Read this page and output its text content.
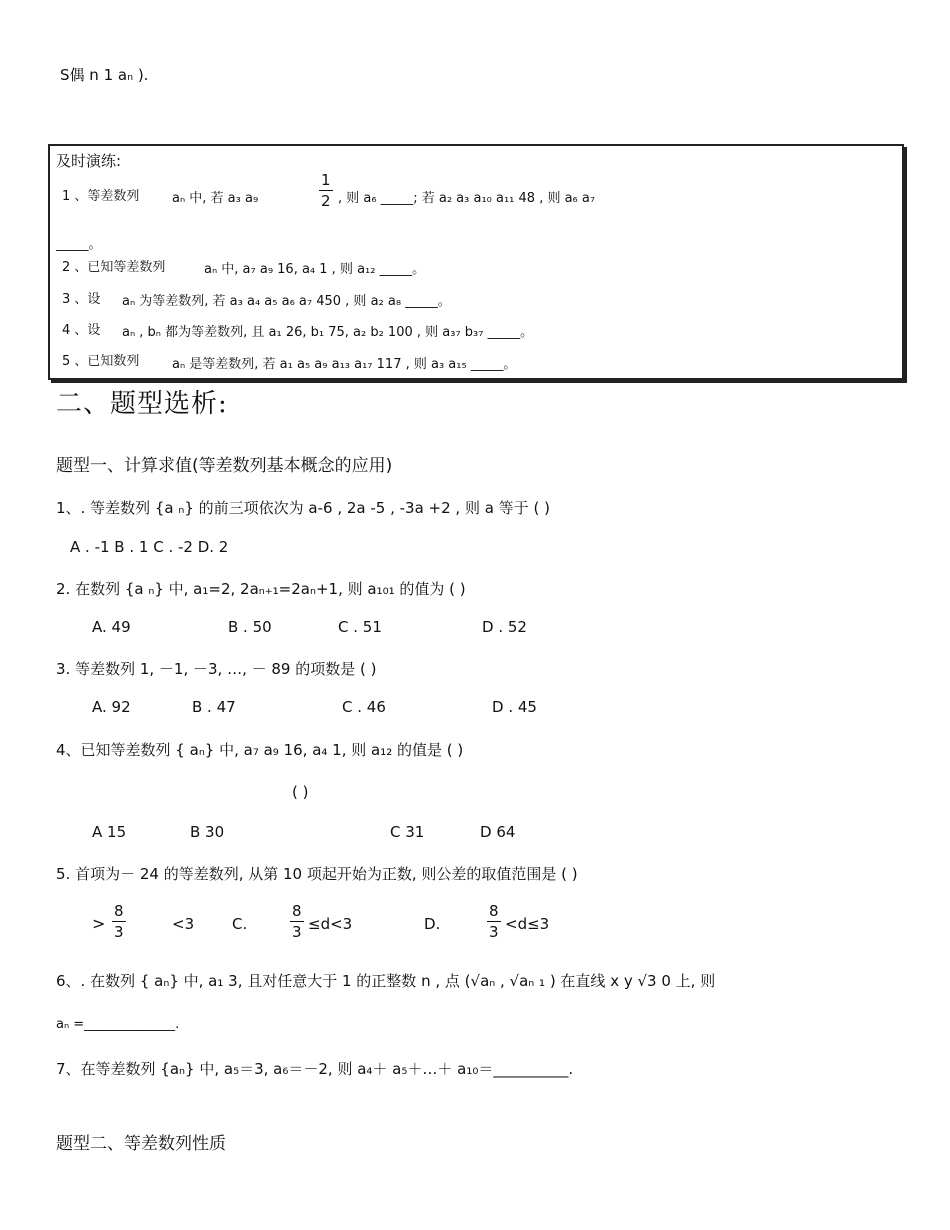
S偶 n 1 aₙ ).
及时演练:
1 、等差数列	aₙ 中, 若 a₃ a₉
1
2 , 则 a₆ _____; 若 a₂ a₃ a₁₀ a₁₁ 48 , 则 a₆ a₇
_____。
2 、已知等差数列	aₙ 中, a₇ a₉ 16, a₄ 1 , 则 a₁₂ _____。
3 、设 aₙ 为等差数列, 若 a₃ a₄ a₅ a₆ a₇ 450 , 则 a₂ a₈ _____。
4 、设 aₙ , bₙ 都为等差数列, 且 a₁ 26, b₁ 75, a₂ b₂ 100 , 则 a₃₇ b₃₇ _____。
5 、已知数列	aₙ 是等差数列, 若 a₁ a₅ a₉ a₁₃ a₁₇ 117 , 则 a₃ a₁₅ _____。
二、题型选析:
题型一、计算求值(等差数列基本概念的应用)
1、. 等差数列 {a ₙ} 的前三项依次为 a-6 , 2a -5 , -3a +2 , 则 a 等于 ( )
A . -1 B . 1 C . -2 D. 2
2. 在数列 {a ₙ} 中, a₁=2, 2aₙ₊₁=2aₙ+1, 则 a₁₀₁ 的值为 ( )
A. 49	B . 50	C . 51	D . 52
3. 等差数列 1, －1, －3, …, － 89 的项数是 ( )
A. 92	B . 47	C . 46	D . 45
4、已知等差数列 { aₙ} 中, a₇ a₉ 16, a₄ 1, 则 a₁₂ 的值是 ( )
( )
A 15	B 30	C 31	D 64
5. 首项为－ 24 的等差数列, 从第 10 项起开始为正数, 则公差的取值范围是 ( )
>
8
3	<3	C.
8
3 ≤d<3	D.
8
3 <d≤3
6、. 在数列 { aₙ} 中, a₁ 3, 且对任意大于 1 的正整数 n , 点 (√aₙ , √aₙ ₁ ) 在直线 x y √3 0 上, 则
aₙ =______________.
7、在等差数列 {aₙ} 中, a₅＝3, a₆＝－2, 则 a₄＋ a₅＋…＋ a₁₀＝__________.
题型二、等差数列性质
